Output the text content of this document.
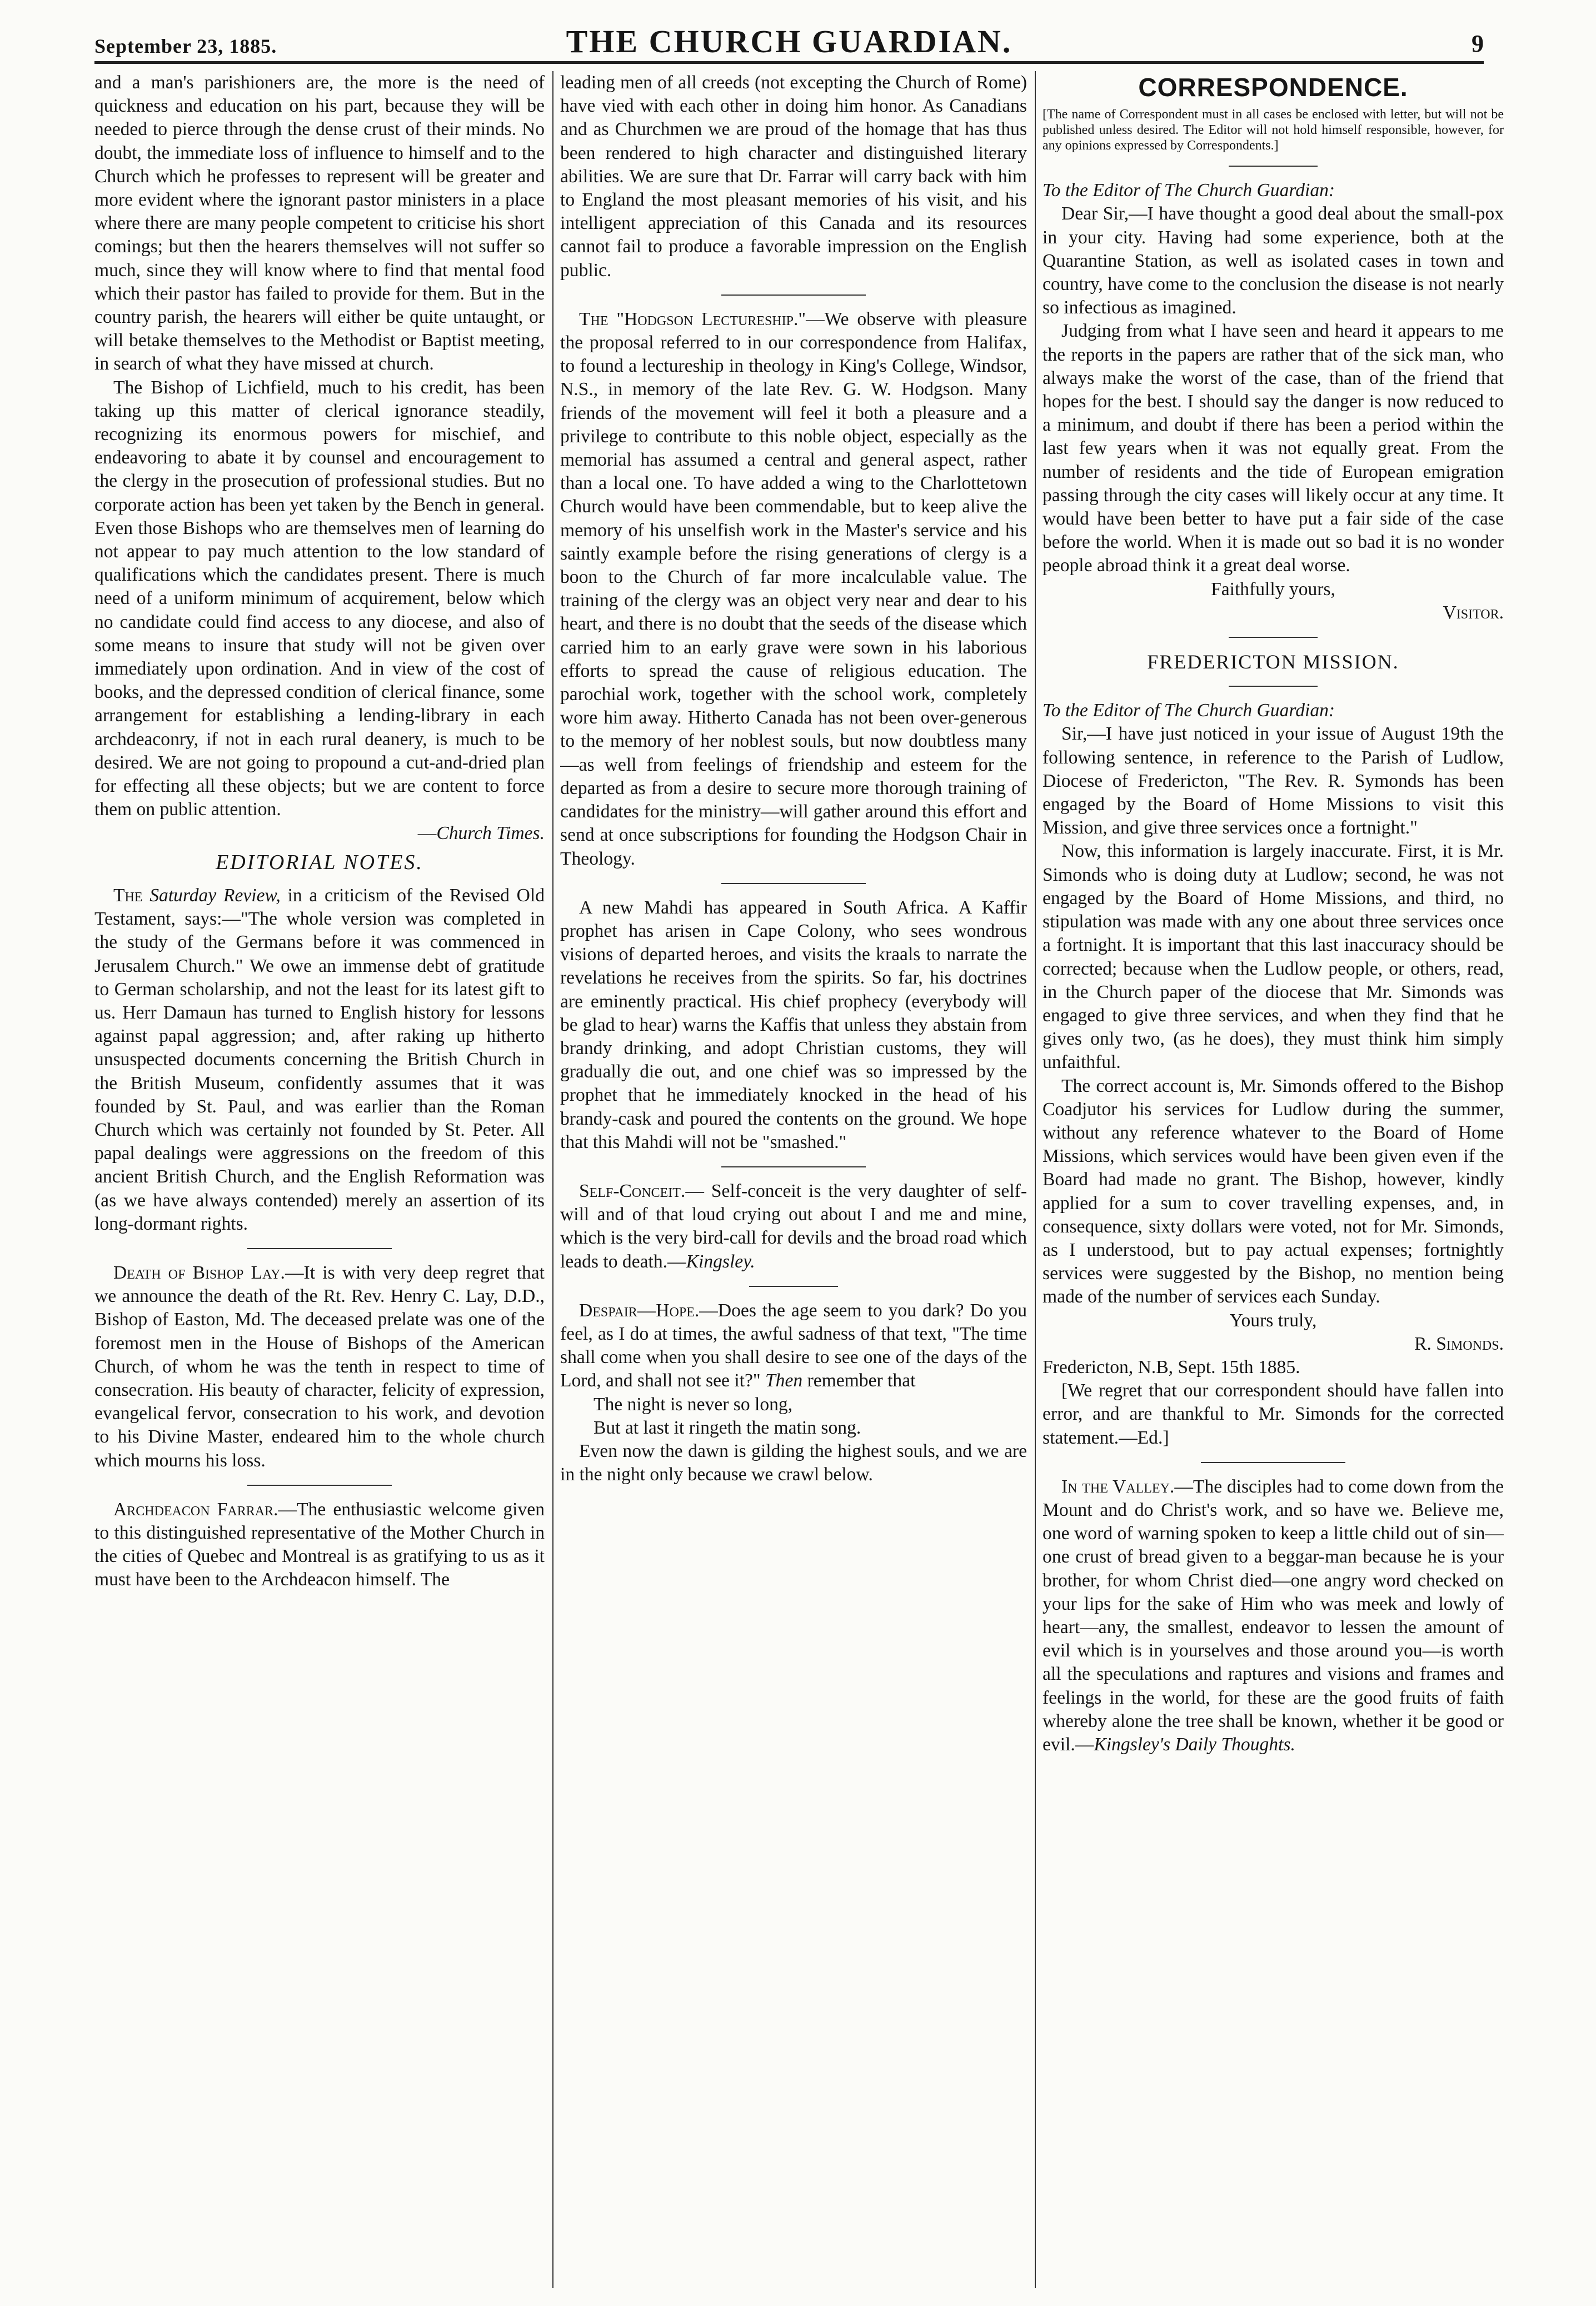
September 23, 1885.	THE CHURCH GUARDIAN.	9

and a man's parishioners are, the more is the need of quickness and education on his part, because they will be needed to pierce through the dense crust of their minds. No doubt, the immediate loss of influence to himself and to the Church which he professes to represent will be greater and more evident where the ignorant pastor ministers in a place where there are many people competent to criticise his short comings; but then the hearers themselves will not suffer so much, since they will know where to find that mental food which their pastor has failed to provide for them. But in the country parish, the hearers will either be quite untaught, or will betake themselves to the Methodist or Baptist meeting, in search of what they have missed at church.

The Bishop of Lichfield, much to his credit, has been taking up this matter of clerical ignorance steadily, recognizing its enormous powers for mischief, and endeavoring to abate it by counsel and encouragement to the clergy in the prosecution of professional studies. But no corporate action has been yet taken by the Bench in general. Even those Bishops who are themselves men of learning do not appear to pay much attention to the low standard of qualifications which the candidates present. There is much need of a uniform minimum of acquirement, below which no candidate could find access to any diocese, and also of some means to insure that study will not be given over immediately upon ordination. And in view of the cost of books, and the depressed condition of clerical finance, some arrangement for establishing a lending-library in each archdeaconry, if not in each rural deanery, is much to be desired. We are not going to propound a cut-and-dried plan for effecting all these objects; but we are content to force them on public attention.

—Church Times.

EDITORIAL NOTES.

The Saturday Review, in a criticism of the Revised Old Testament, says:—"The whole version was completed in the study of the Germans before it was commenced in Jerusalem Church." We owe an immense debt of gratitude to German scholarship, and not the least for its latest gift to us. Herr Damaun has turned to English history for lessons against papal aggression; and, after raking up hitherto unsuspected documents concerning the British Church in the British Museum, confidently assumes that it was founded by St. Paul, and was earlier than the Roman Church which was certainly not founded by St. Peter. All papal dealings were aggressions on the freedom of this ancient British Church, and the English Reformation was (as we have always contended) merely an assertion of its long-dormant rights.

Death of Bishop Lay.—It is with very deep regret that we announce the death of the Rt. Rev. Henry C. Lay, D.D., Bishop of Easton, Md. The deceased prelate was one of the foremost men in the House of Bishops of the American Church, of whom he was the tenth in respect to time of consecration. His beauty of character, felicity of expression, evangelical fervor, consecration to his work, and devotion to his Divine Master, endeared him to the whole church which mourns his loss.

Archdeacon Farrar.—The enthusiastic welcome given to this distinguished representative of the Mother Church in the cities of Quebec and Montreal is as gratifying to us as it must have been to the Archdeacon himself. The

leading men of all creeds (not excepting the Church of Rome) have vied with each other in doing him honor. As Canadians and as Churchmen we are proud of the homage that has thus been rendered to high character and distinguished literary abilities. We are sure that Dr. Farrar will carry back with him to England the most pleasant memories of his visit, and his intelligent appreciation of this Canada and its resources cannot fail to produce a favorable impression on the English public.

The "Hodgson Lectureship."—We observe with pleasure the proposal referred to in our correspondence from Halifax, to found a lectureship in theology in King's College, Windsor, N.S., in memory of the late Rev. G. W. Hodgson. Many friends of the movement will feel it both a pleasure and a privilege to contribute to this noble object, especially as the memorial has assumed a central and general aspect, rather than a local one. To have added a wing to the Charlottetown Church would have been commendable, but to keep alive the memory of his unselfish work in the Master's service and his saintly example before the rising generations of clergy is a boon to the Church of far more incalculable value. The training of the clergy was an object very near and dear to his heart, and there is no doubt that the seeds of the disease which carried him to an early grave were sown in his laborious efforts to spread the cause of religious education. The parochial work, together with the school work, completely wore him away. Hitherto Canada has not been over-generous to the memory of her noblest souls, but now doubtless many—as well from feelings of friendship and esteem for the departed as from a desire to secure more thorough training of candidates for the ministry—will gather around this effort and send at once subscriptions for founding the Hodgson Chair in Theology.

A new Mahdi has appeared in South Africa. A Kaffir prophet has arisen in Cape Colony, who sees wondrous visions of departed heroes, and visits the kraals to narrate the revelations he receives from the spirits. So far, his doctrines are eminently practical. His chief prophecy (everybody will be glad to hear) warns the Kaffis that unless they abstain from brandy drinking, and adopt Christian customs, they will gradually die out, and one chief was so impressed by the prophet that he immediately knocked in the head of his brandy-cask and poured the contents on the ground. We hope that this Mahdi will not be "smashed."

Self-Conceit.— Self-conceit is the very daughter of self-will and of that loud crying out about I and me and mine, which is the very bird-call for devils and the broad road which leads to death.—Kingsley.

Despair—Hope.—Does the age seem to you dark? Do you feel, as I do at times, the awful sadness of that text, "The time shall come when you shall desire to see one of the days of the Lord, and shall not see it?" Then remember that

The night is never so long,

But at last it ringeth the matin song.

Even now the dawn is gilding the highest souls, and we are in the night only because we crawl below.

CORRESPONDENCE.

[The name of Correspondent must in all cases be enclosed with letter, but will not be published unless desired. The Editor will not hold himself responsible, however, for any opinions expressed by Correspondents.]

To the Editor of The Church Guardian:

Dear Sir,—I have thought a good deal about the small-pox in your city. Having had some experience, both at the Quarantine Station, as well as isolated cases in town and country, have come to the conclusion the disease is not nearly so infectious as imagined.

Judging from what I have seen and heard it appears to me the reports in the papers are rather that of the sick man, who always make the worst of the case, than of the friend that hopes for the best. I should say the danger is now reduced to a minimum, and doubt if there has been a period within the last few years when it was not equally great. From the number of residents and the tide of European emigration passing through the city cases will likely occur at any time. It would have been better to have put a fair side of the case before the world. When it is made out so bad it is no wonder people abroad think it a great deal worse.

Faithfully yours,

Visitor.

FREDERICTON MISSION.

To the Editor of The Church Guardian:

Sir,—I have just noticed in your issue of August 19th the following sentence, in reference to the Parish of Ludlow, Diocese of Fredericton, "The Rev. R. Symonds has been engaged by the Board of Home Missions to visit this Mission, and give three services once a fortnight."

Now, this information is largely inaccurate. First, it is Mr. Simonds who is doing duty at Ludlow; second, he was not engaged by the Board of Home Missions, and third, no stipulation was made with any one about three services once a fortnight. It is important that this last inaccuracy should be corrected; because when the Ludlow people, or others, read, in the Church paper of the diocese that Mr. Simonds was engaged to give three services, and when they find that he gives only two, (as he does), they must think him simply unfaithful.

The correct account is, Mr. Simonds offered to the Bishop Coadjutor his services for Ludlow during the summer, without any reference whatever to the Board of Home Missions, which services would have been given even if the Board had made no grant. The Bishop, however, kindly applied for a sum to cover travelling expenses, and, in consequence, sixty dollars were voted, not for Mr. Simonds, as I understood, but to pay actual expenses; fortnightly services were suggested by the Bishop, no mention being made of the number of services each Sunday.

Yours truly,

R. Simonds.

Fredericton, N.B, Sept. 15th 1885.

[We regret that our correspondent should have fallen into error, and are thankful to Mr. Simonds for the corrected statement.—Ed.]

In the Valley.—The disciples had to come down from the Mount and do Christ's work, and so have we. Believe me, one word of warning spoken to keep a little child out of sin—one crust of bread given to a beggar-man because he is your brother, for whom Christ died—one angry word checked on your lips for the sake of Him who was meek and lowly of heart—any, the smallest, endeavor to lessen the amount of evil which is in yourselves and those around you—is worth all the speculations and raptures and visions and frames and feelings in the world, for these are the good fruits of faith whereby alone the tree shall be known, whether it be good or evil.—Kingsley's Daily Thoughts.
